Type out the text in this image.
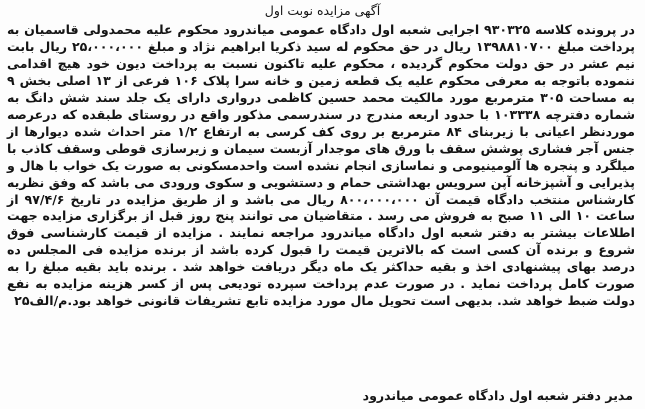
آگهی مزایده نوبت اول
در پرونده کلاسه ۹۳۰۳۲۵ اجرایی شعبه اول دادگاه عمومی میاندرود محکوم علیه محمدولی قاسمیان به پرداخت مبلغ ۱۳۹۸۸۱۰۷۰۰ ریال در حق محکوم له سید ذکریا ابراهیم نژاد و مبلغ ۲۵،۰۰۰،۰۰۰ ریال بابت نیم عشر در حق دولت محکوم گردیده ، محکوم علیه تاکنون نسبت به پرداخت دیون خود هیچ اقدامی ننموده باتوجه به معرفی محکوم علیه یک قطعه زمین و خانه سرا پلاک ۱۰۶ فرعی از ۱۳ اصلی بخش ۹ به مساحت ۳۰۵ مترمربع مورد مالکیت محمد حسین کاظمی درواری دارای یک جلد سند شش دانگ به شماره دفترچه ۱۰۳۳۳۸ با حدود اربعه مندرج در سندرسمی مذکور واقع در روستای طبقده که درعرصه موردنظر اعیانی با زیربنای ۸۴ مترمربع بر روی کف کرسی به ارتفاع ۱/۲ متر احداث شده دیوارها از جنس آجر فشاری پوشش سقف با ورق های موجدار آزبست سیمان و زیرسازی قوطی وسقف کاذب با میلگرد و پنجره ها آلومینیومی و نماسازی انجام نشده است واحدمسکونی به صورت یک خواب با هال و پذیرایی و آشپزخانه آپن سرویس بهداشتی حمام و دستشویی و سکوی ورودی می باشد که وفق نظریه کارشناس منتخب دادگاه قیمت آن ۸۰۰،۰۰۰،۰۰۰ ریال می باشد و از طریق مزایده در تاریخ ۹۷/۴/۶ از ساعت ۱۰ الی ۱۱ صبح به فروش می رسد . متقاضیان می توانند پنج روز قبل از برگزاری مزایده جهت اطلاعات بیشتر به دفتر شعبه اول دادگاه میاندرود مراجعه نمایند . مزایده از قیمت کارشناسی فوق شروع و برنده آن کسی است که بالاترین قیمت را قبول کرده باشد از برنده مزایده فی المجلس ده درصد بهای پیشنهادی اخذ و بقیه حداکثر یک ماه دیگر دریافت خواهد شد . برنده باید بقیه مبلغ را به صورت کامل پرداخت نماید . در صورت عدم پرداخت سپرده تودیعی پس از کسر هزینه مزایده به نفع دولت ضبط خواهد شد. بدیهی است تحویل مال مورد مزایده تابع تشریفات قانونی خواهد بود.م/الف۲۵
مدیر دفتر شعبه اول دادگاه عمومی میاندرود
